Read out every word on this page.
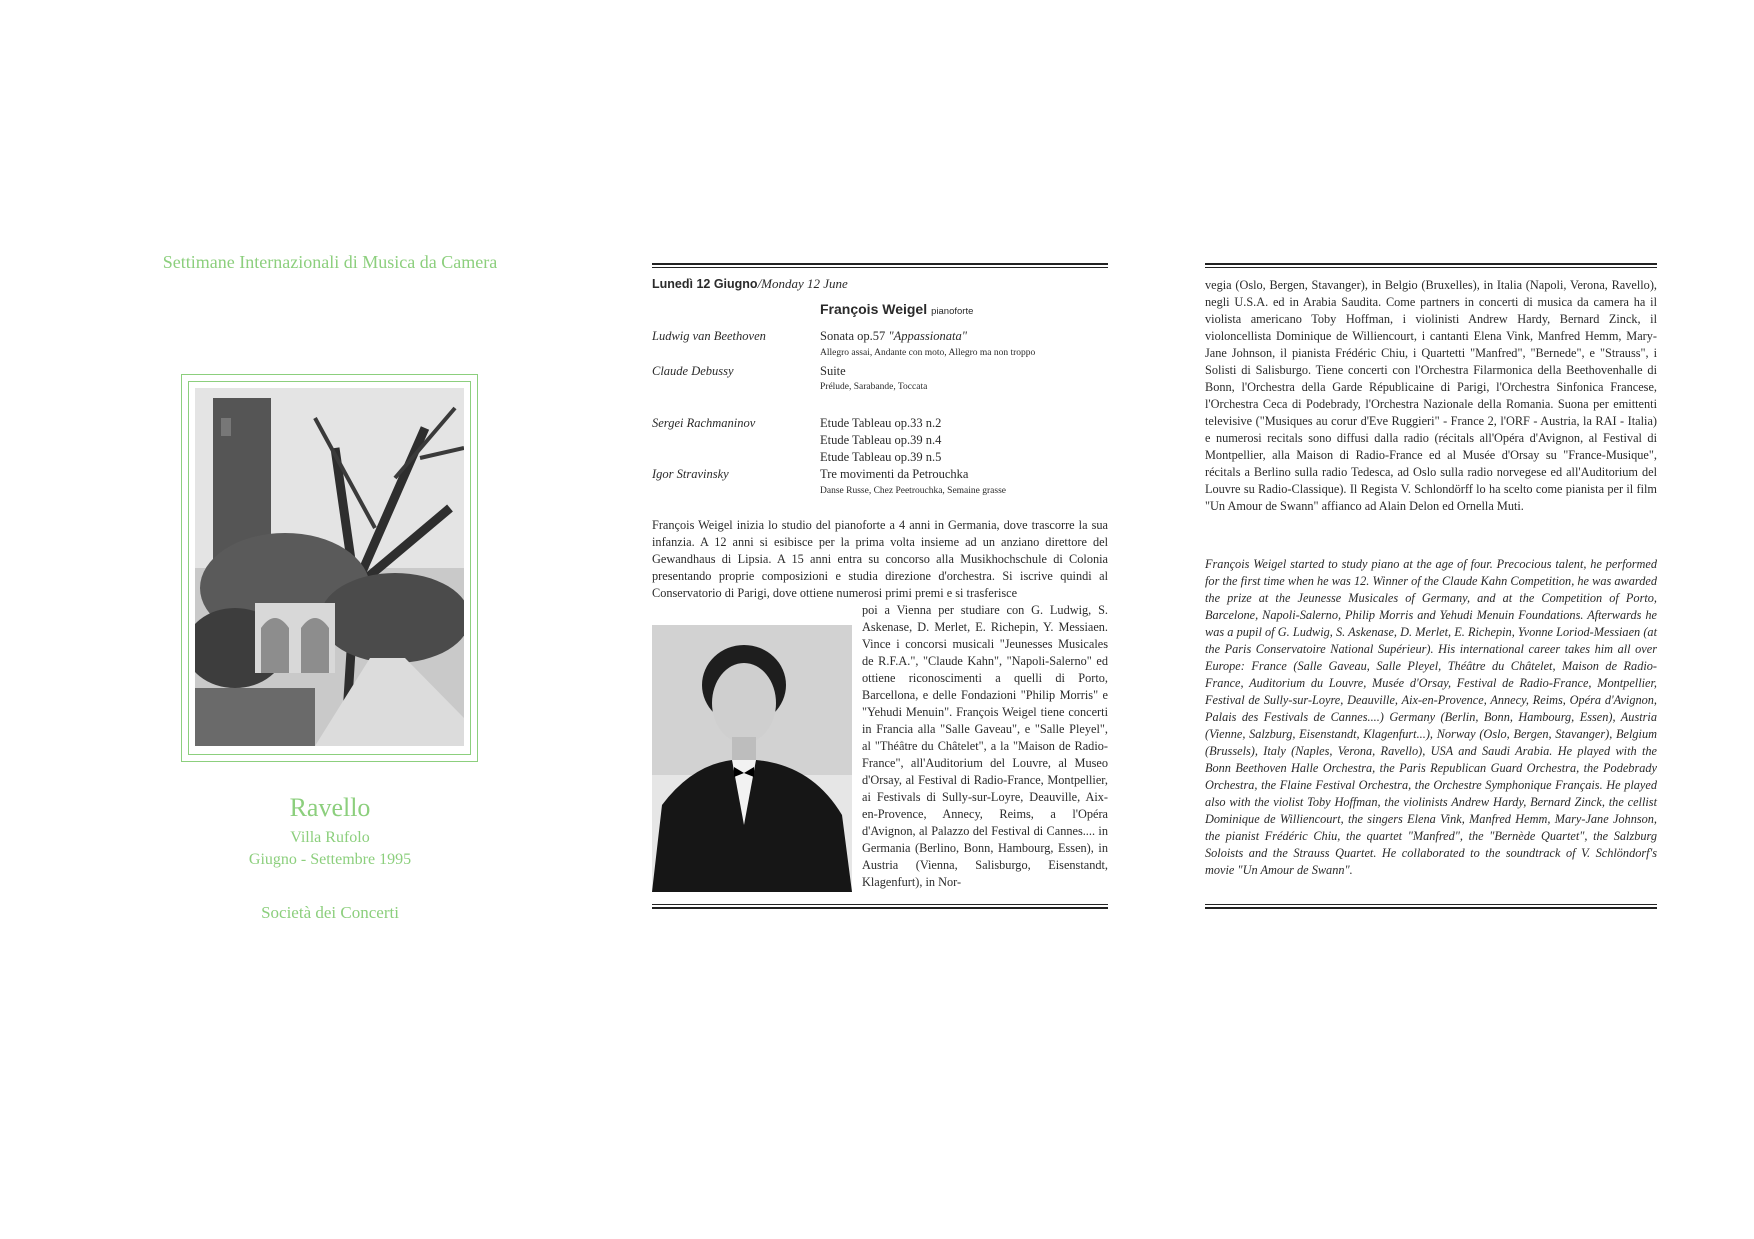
Settimane Internazionali di Musica da Camera
Ravello
Villa Rufolo
Giugno - Settembre 1995
Società dei Concerti
Lunedì 12 Giugno/Monday 12 June
François Weigel pianoforte
Ludwig van Beethoven	Sonata op.57 "Appassionata"
Allegro assai, Andante con moto, Allegro ma non troppo
Claude Debussy	Suite
Prélude, Sarabande, Toccata
Sergei Rachmaninov	Etude Tableau op.33 n.2
Etude Tableau op.39 n.4
Etude Tableau op.39 n.5
Igor Stravinsky	Tre movimenti da Petrouchka
Danse Russe, Chez Peetrouchka, Semaine grasse

François Weigel inizia lo studio del pianoforte a 4 anni in Germania, dove trascorre la sua infanzia. A 12 anni si esibisce per la prima volta insieme ad un anziano direttore del Gewandhaus di Lipsia. A 15 anni entra su concorso alla Musikhochschule di Colonia presentando proprie composizioni e studia direzione d'orchestra. Si iscrive quindi al Conservatorio di Parigi, dove ottiene numerosi primi premi e si trasferisce

poi a Vienna per studiare con G. Ludwig, S. Askenase, D. Merlet, E. Richepin, Y. Messiaen. Vince i concorsi musicali "Jeunesses Musicales de R.F.A.", "Claude Kahn", "Napoli-Salerno" ed ottiene riconoscimenti a quelli di Porto, Barcellona, e delle Fondazioni "Philip Morris" e "Yehudi Menuin". François Weigel tiene concerti in Francia alla "Salle Gaveau", e "Salle Pleyel", al "Théâtre du Châtelet", a la "Maison de Radio-France", all'Auditorium del Louvre, al Museo d'Orsay, al Festival di Radio-France, Montpellier, ai Festivals di Sully-sur-Loyre, Deauville, Aix-en-Provence, Annecy, Reims, a l'Opéra d'Avignon, al Palazzo del Festival di Cannes.... in Germania (Berlino, Bonn, Hambourg, Essen), in Austria (Vienna, Salisburgo, Eisenstandt, Klagenfurt), in Nor-

vegia (Oslo, Bergen, Stavanger), in Belgio (Bruxelles), in Italia (Napoli, Verona, Ravello), negli U.S.A. ed in Arabia Saudita. Come partners in concerti di musica da camera ha il violista americano Toby Hoffman, i violinisti Andrew Hardy, Bernard Zinck, il violoncellista Dominique de Williencourt, i cantanti Elena Vink, Manfred Hemm, Mary-Jane Johnson, il pianista Frédéric Chiu, i Quartetti "Manfred", "Bernede", e "Strauss", i Solisti di Salisburgo. Tiene concerti con l'Orchestra Filarmonica della Beethovenhalle di Bonn, l'Orchestra della Garde Républicaine di Parigi, l'Orchestra Sinfonica Francese, l'Orchestra Ceca di Podebrady, l'Orchestra Nazionale della Romania. Suona per emittenti televisive ("Musiques au corur d'Eve Ruggieri" - France 2, l'ORF - Austria, la RAI - Italia) e numerosi recitals sono diffusi dalla radio (récitals all'Opéra d'Avignon, al Festival di Montpellier, alla Maison di Radio-France ed al Musée d'Orsay su "France-Musique", récitals a Berlino sulla radio Tedesca, ad Oslo sulla radio norvegese ed all'Auditorium del Louvre su Radio-Classique). Il Regista V. Schlondörff lo ha scelto come pianista per il film "Un Amour de Swann" affianco ad Alain Delon ed Ornella Muti.

François Weigel started to study piano at the age of four. Precocious talent, he performed for the first time when he was 12. Winner of the Claude Kahn Competition, he was awarded the prize at the Jeunesse Musicales of Germany, and at the Competition of Porto, Barcelone, Napoli-Salerno, Philip Morris and Yehudi Menuin Foundations. Afterwards he was a pupil of G. Ludwig, S. Askenase, D. Merlet, E. Richepin, Yvonne Loriod-Messiaen (at the Paris Conservatoire National Supérieur). His international career takes him all over Europe: France (Salle Gaveau, Salle Pleyel, Théâtre du Châtelet, Maison de Radio-France, Auditorium du Louvre, Musée d'Orsay, Festival de Radio-France, Montpellier, Festival de Sully-sur-Loyre, Deauville, Aix-en-Provence, Annecy, Reims, Opéra d'Avignon, Palais des Festivals de Cannes....) Germany (Berlin, Bonn, Hambourg, Essen), Austria (Vienne, Salzburg, Eisenstandt, Klagenfurt...), Norway (Oslo, Bergen, Stavanger), Belgium (Brussels), Italy (Naples, Verona, Ravello), USA and Saudi Arabia. He played with the Bonn Beethoven Halle Orchestra, the Paris Republican Guard Orchestra, the Podebrady Orchestra, the Flaine Festival Orchestra, the Orchestre Symphonique Français. He played also with the violist Toby Hoffman, the violinists Andrew Hardy, Bernard Zinck, the cellist Dominique de Williencourt, the singers Elena Vink, Manfred Hemm, Mary-Jane Johnson, the pianist Frédéric Chiu, the quartet "Manfred", the "Bernède Quartet", the Salzburg Soloists and the Strauss Quartet. He collaborated to the soundtrack of V. Schlöndorf's movie "Un Amour de Swann".
